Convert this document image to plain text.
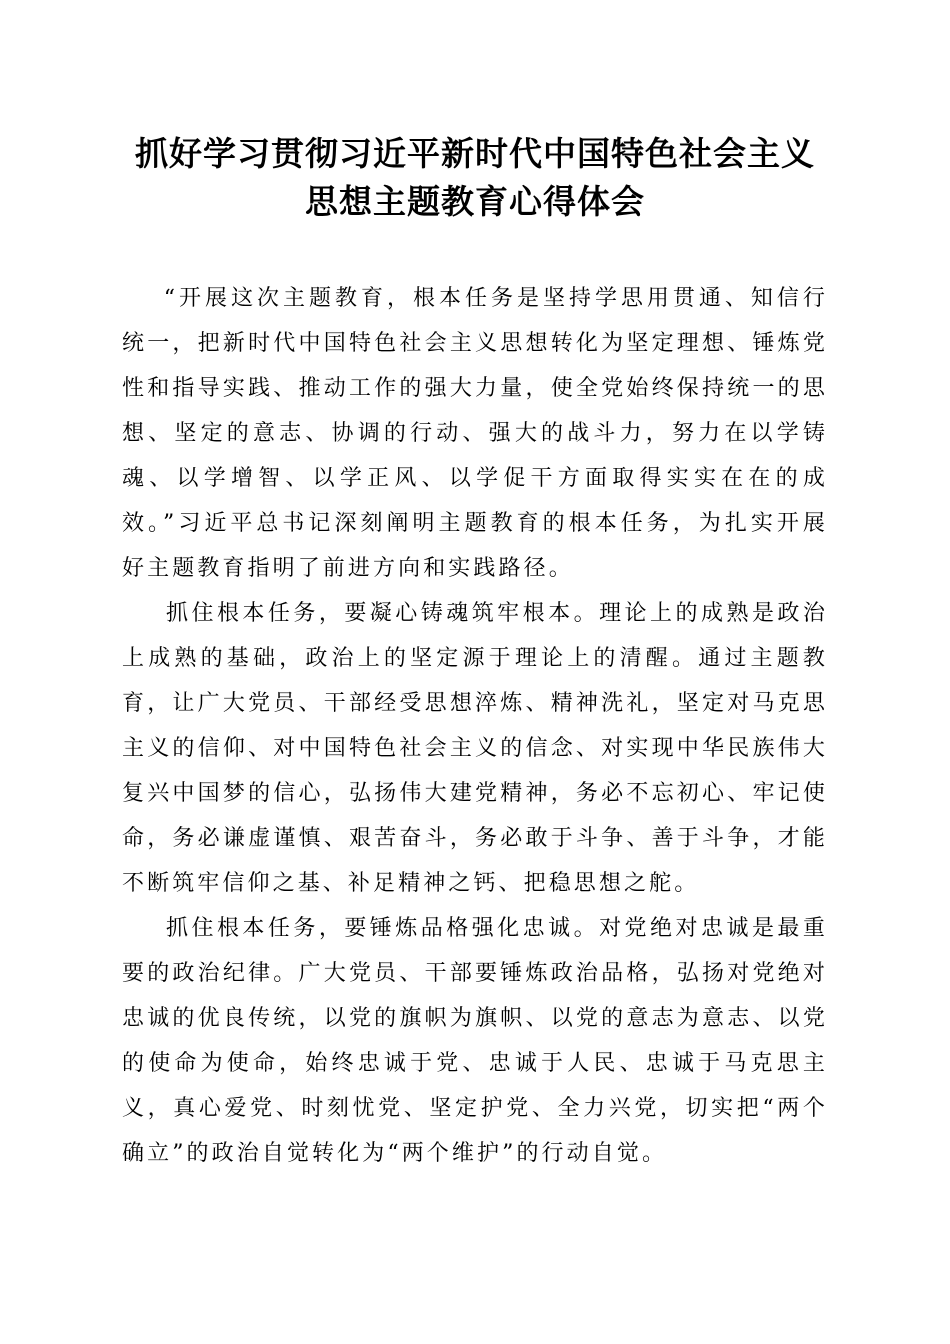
抓好学习贯彻习近平新时代中国特色社会主义
思想主题教育心得体会

“开展这次主题教育，根本任务是坚持学思用贯通、知信行统一，把新时代中国特色社会主义思想转化为坚定理想、锤炼党性和指导实践、推动工作的强大力量，使全党始终保持统一的思想、坚定的意志、协调的行动、强大的战斗力，努力在以学铸魂、以学增智、以学正风、以学促干方面取得实实在在的成效。”习近平总书记深刻阐明主题教育的根本任务，为扎实开展好主题教育指明了前进方向和实践路径。

抓住根本任务，要凝心铸魂筑牢根本。理论上的成熟是政治上成熟的基础，政治上的坚定源于理论上的清醒。通过主题教育，让广大党员、干部经受思想淬炼、精神洗礼，坚定对马克思主义的信仰、对中国特色社会主义的信念、对实现中华民族伟大复兴中国梦的信心，弘扬伟大建党精神，务必不忘初心、牢记使命，务必谦虚谨慎、艰苦奋斗，务必敢于斗争、善于斗争，才能不断筑牢信仰之基、补足精神之钙、把稳思想之舵。

抓住根本任务，要锤炼品格强化忠诚。对党绝对忠诚是最重要的政治纪律。广大党员、干部要锤炼政治品格，弘扬对党绝对忠诚的优良传统，以党的旗帜为旗帜、以党的意志为意志、以党的使命为使命，始终忠诚于党、忠诚于人民、忠诚于马克思主义，真心爱党、时刻忧党、坚定护党、全力兴党，切实把“两个确立”的政治自觉转化为“两个维护”的行动自觉。
